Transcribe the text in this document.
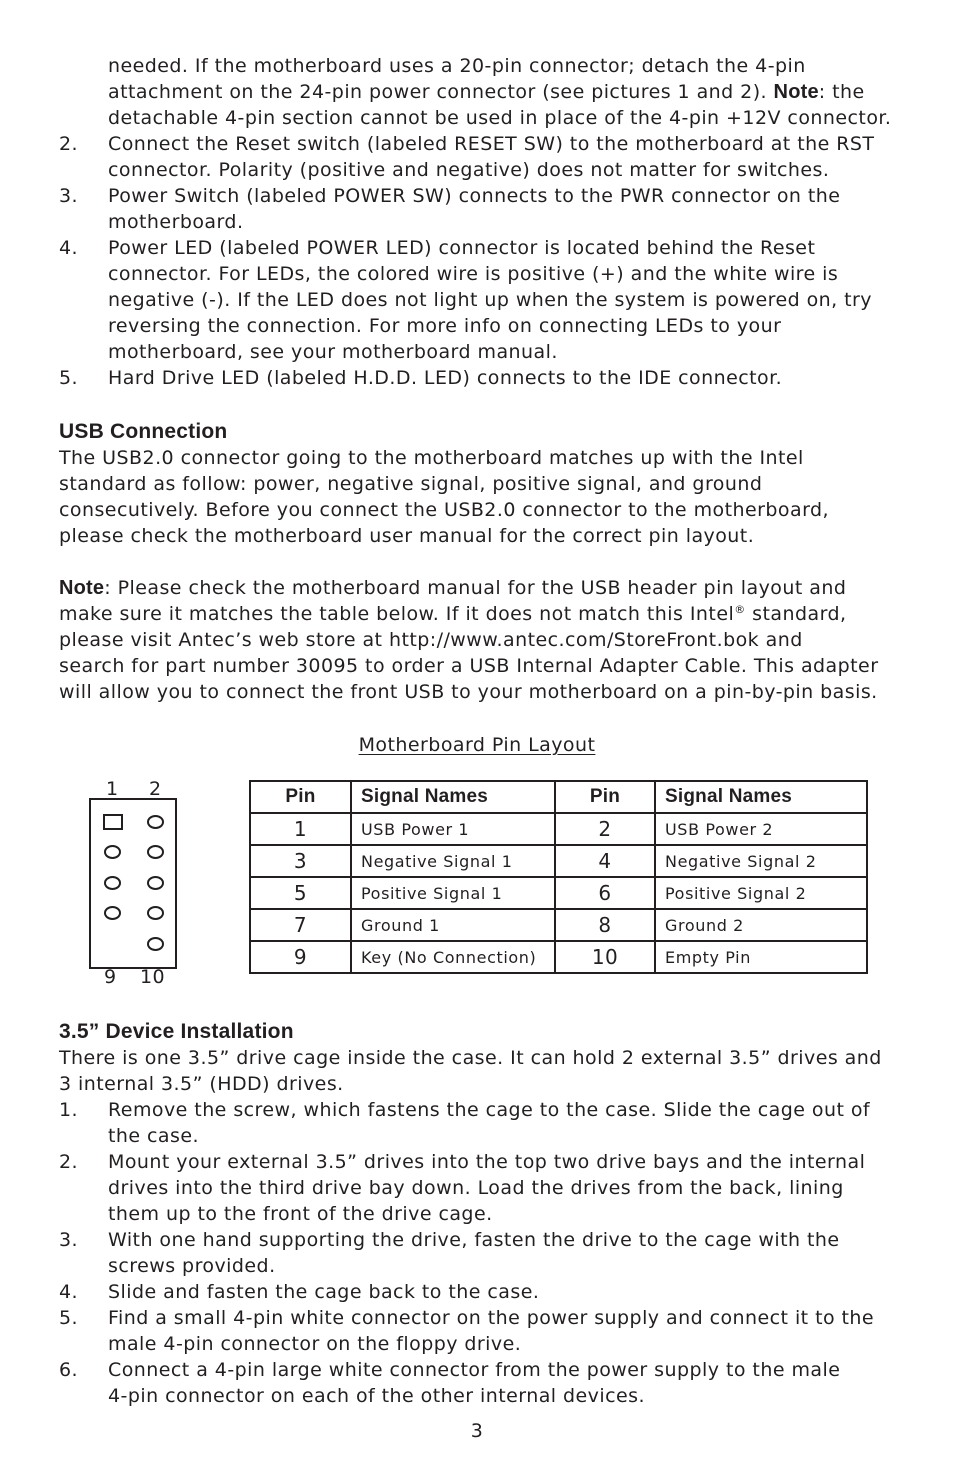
needed. If the motherboard uses a 20-pin connector; detach the 4-pin
attachment on the 24-pin power connector (see pictures 1 and 2). Note: the
detachable 4-pin section cannot be used in place of the 4-pin +12V connector.
2. Connect the Reset switch (labeled RESET SW) to the motherboard at the RST
connector. Polarity (positive and negative) does not matter for switches.
3. Power Switch (labeled POWER SW) connects to the PWR connector on the
motherboard.
4. Power LED (labeled POWER LED) connector is located behind the Reset
connector. For LEDs, the colored wire is positive (+) and the white wire is
negative (-). If the LED does not light up when the system is powered on, try
reversing the connection. For more info on connecting LEDs to your
motherboard, see your motherboard manual.
5. Hard Drive LED (labeled H.D.D. LED) connects to the IDE connector.
USB Connection
The USB2.0 connector going to the motherboard matches up with the Intel
standard as follow: power, negative signal, positive signal, and ground
consecutively. Before you connect the USB2.0 connector to the motherboard,
please check the motherboard user manual for the correct pin layout.
Note: Please check the motherboard manual for the USB header pin layout and
make sure it matches the table below. If it does not match this Intel® standard,
please visit Antec’s web store at http://www.antec.com/StoreFront.bok and
search for part number 30095 to order a USB Internal Adapter Cable. This adapter
will allow you to connect the front USB to your motherboard on a pin-by-pin basis.
Motherboard Pin Layout
1 2
9 10
Pin	Signal Names	Pin	Signal Names
1	USB Power 1	2	USB Power 2
3	Negative Signal 1	4	Negative Signal 2
5	Positive Signal 1	6	Positive Signal 2
7	Ground 1	8	Ground 2
9	Key (No Connection)	10	Empty Pin
3.5” Device Installation
There is one 3.5” drive cage inside the case. It can hold 2 external 3.5” drives and
3 internal 3.5” (HDD) drives.
1. Remove the screw, which fastens the cage to the case. Slide the cage out of
the case.
2. Mount your external 3.5” drives into the top two drive bays and the internal
drives into the third drive bay down. Load the drives from the back, lining
them up to the front of the drive cage.
3. With one hand supporting the drive, fasten the drive to the cage with the
screws provided.
4. Slide and fasten the cage back to the case.
5. Find a small 4-pin white connector on the power supply and connect it to the
male 4-pin connector on the floppy drive.
6. Connect a 4-pin large white connector from the power supply to the male
4-pin connector on each of the other internal devices.
3
